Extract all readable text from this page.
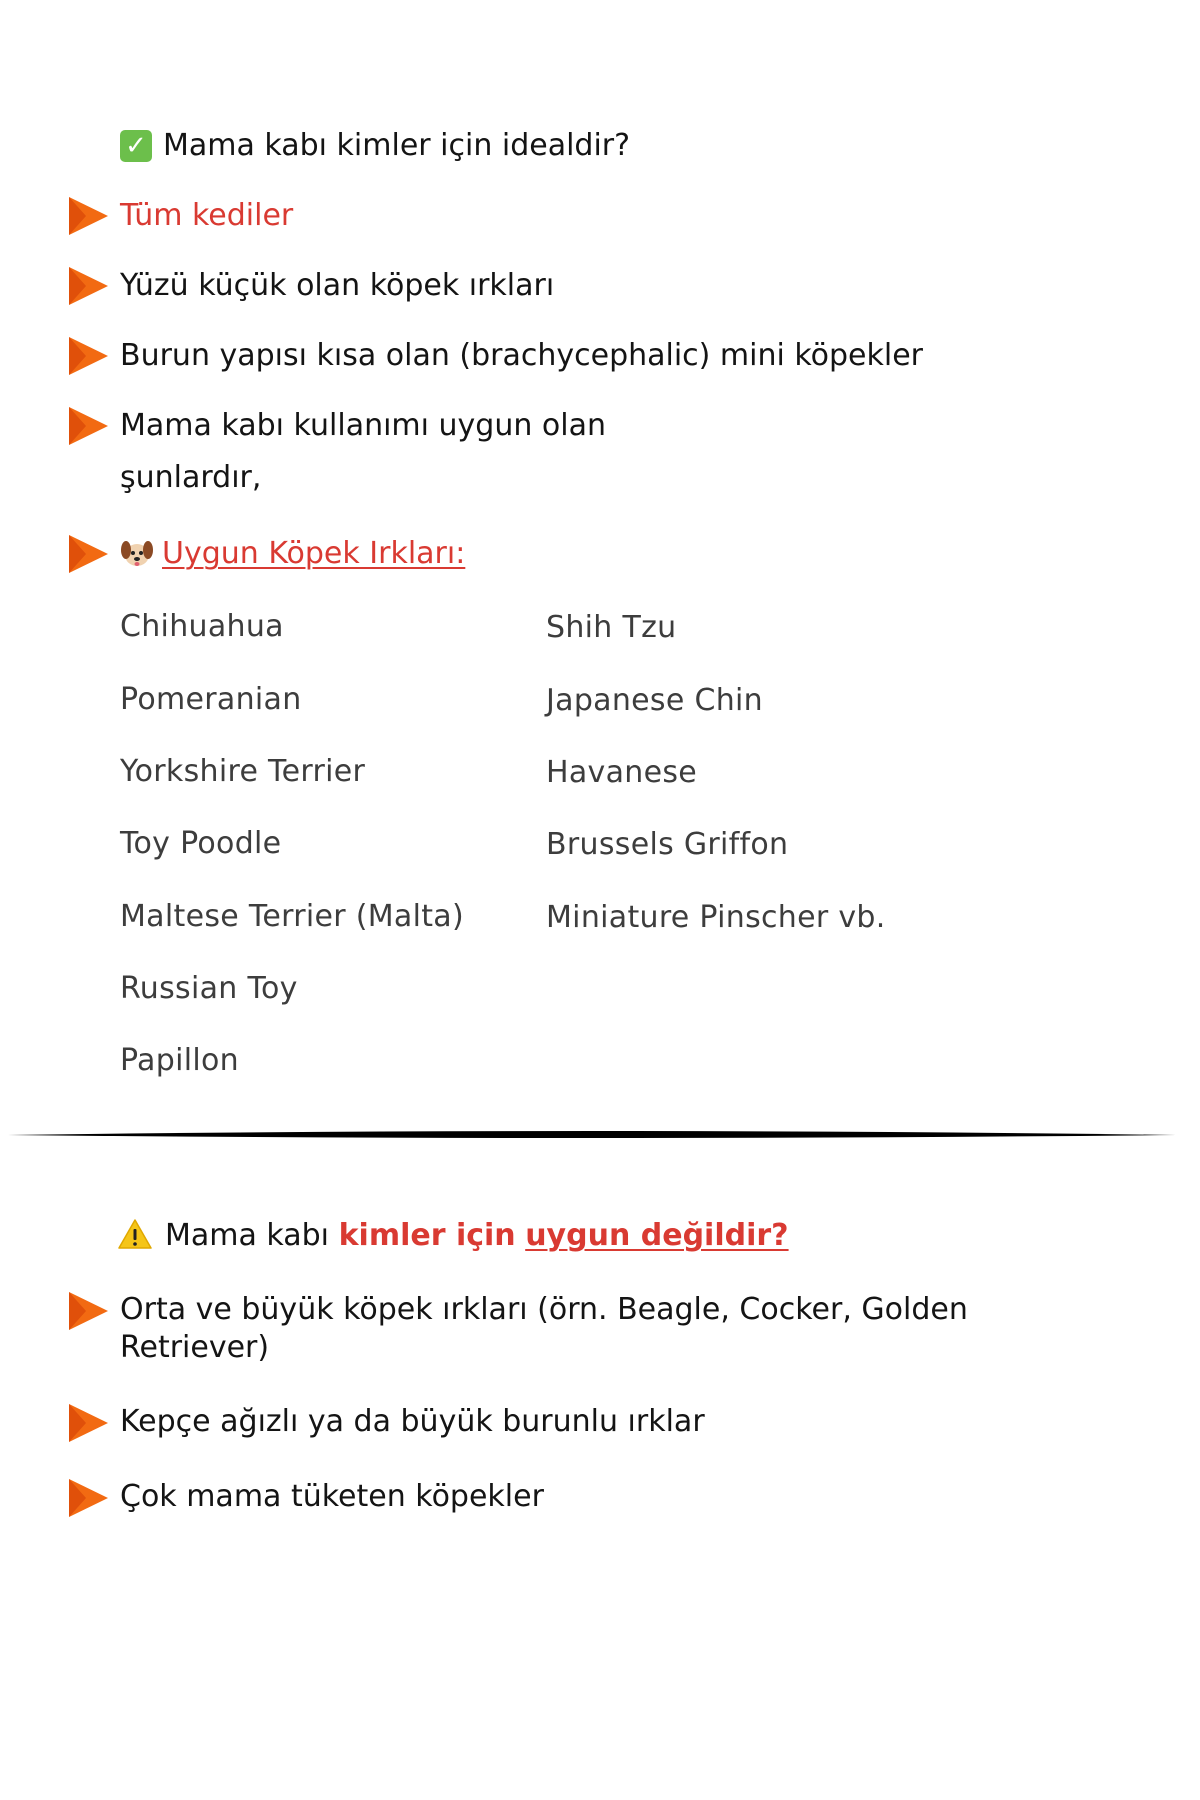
✓ Mama kabı kimler için idealdir?
Tüm kediler
Yüzü küçük olan köpek ırkları
Burun yapısı kısa olan (brachycephalic) mini köpekler
Mama kabı kullanımı uygun olan
şunlardır,
Uygun Köpek Irkları:
Chihuahua
Pomeranian
Yorkshire Terrier
Toy Poodle
Maltese Terrier (Malta)
Russian Toy
Papillon
Shih Tzu
Japanese Chin
Havanese
Brussels Griffon
Miniature Pinscher vb.
Mama kabı kimler için uygun değildir?
Orta ve büyük köpek ırkları (örn. Beagle, Cocker, Golden
Retriever)
Kepçe ağızlı ya da büyük burunlu ırklar
Çok mama tüketen köpekler
